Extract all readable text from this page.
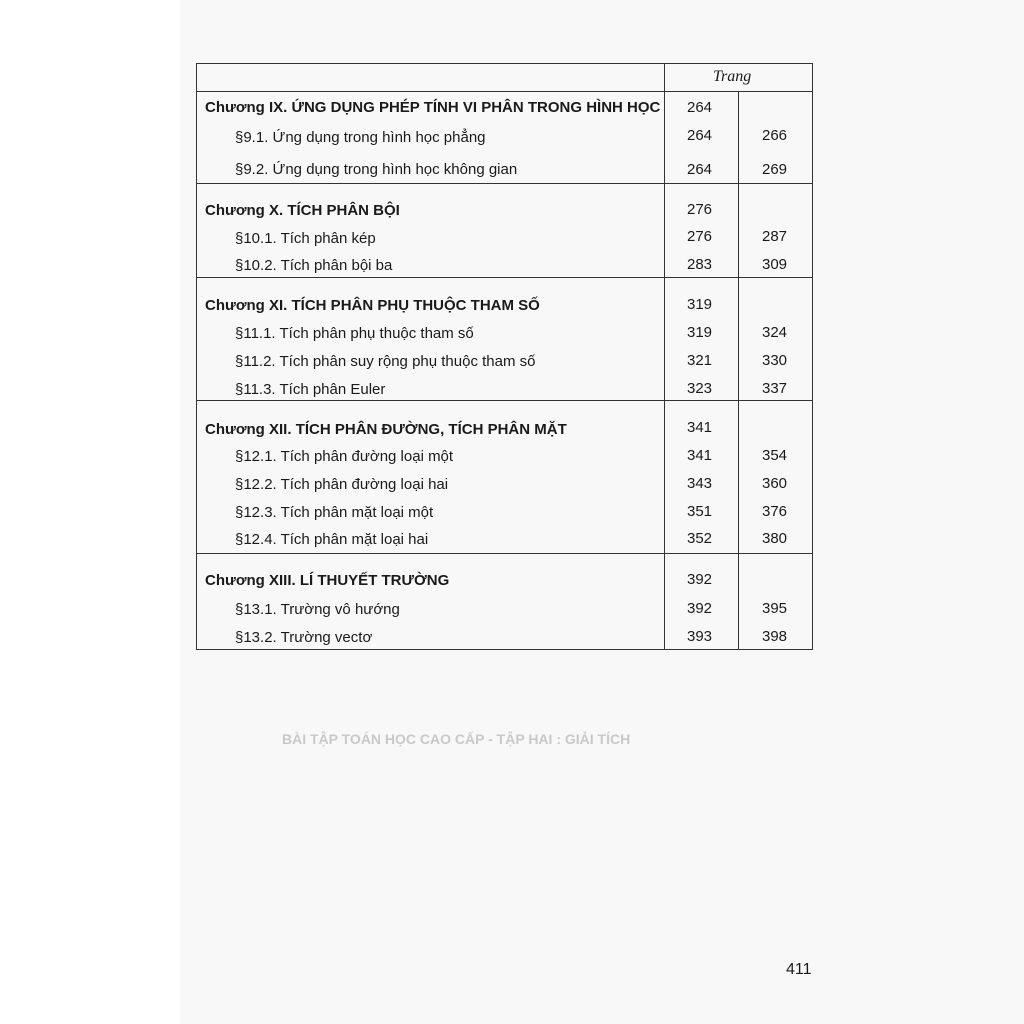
BÀI TẬP TOÁN HỌC CAO CẤP - TẬP HAI : GIẢI TÍCH
Trang
Chương IX. ỨNG DỤNG PHÉP TÍNH VI PHÂN TRONG HÌNH HỌC 264
§9.1. Ứng dụng trong hình học phẳng	264	266
§9.2. Ứng dụng trong hình học không gian	264	269
Chương X. TÍCH PHÂN BỘI	276
§10.1. Tích phân kép	276	287
§10.2. Tích phân bội ba	283	309
Chương XI. TÍCH PHÂN PHỤ THUỘC THAM SỐ	319
§11.1. Tích phân phụ thuộc tham số	319	324
§11.2. Tích phân suy rộng phụ thuộc tham số	321	330
§11.3. Tích phân Euler	323	337
Chương XII. TÍCH PHÂN ĐƯỜNG, TÍCH PHÂN MẶT	341
§12.1. Tích phân đường loại một	341	354
§12.2. Tích phân đường loại hai	343	360
§12.3. Tích phân mặt loại một	351	376
§12.4. Tích phân mặt loại hai	352	380
Chương XIII. LÍ THUYẾT TRƯỜNG	392
§13.1. Trường vô hướng	392	395
§13.2. Trường vectơ	393	398
411
